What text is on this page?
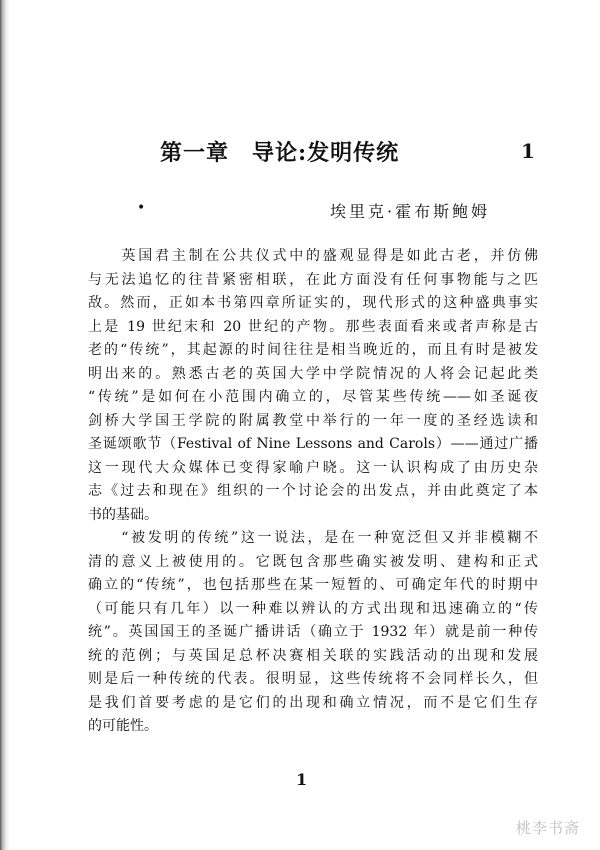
第一章　导论:发明传统	1
•	埃里克·霍布斯鲍姆
　　英国君主制在公共仪式中的盛观显得是如此古老，并仿佛
与无法追忆的往昔紧密相联，在此方面没有任何事物能与之匹
敌。然而，正如本书第四章所证实的，现代形式的这种盛典事实
上是 19 世纪末和 20 世纪的产物。那些表面看来或者声称是古
老的“传统”，其起源的时间往往是相当晚近的，而且有时是被发
明出来的。熟悉古老的英国大学中学院情况的人将会记起此类
“传统”是如何在小范围内确立的，尽管某些传统——如圣诞夜
剑桥大学国王学院的附属教堂中举行的一年一度的圣经选读和
圣诞颂歌节（Festival of Nine Lessons and Carols）——通过广播
这一现代大众媒体已变得家喻户晓。这一认识构成了由历史杂
志《过去和现在》组织的一个讨论会的出发点，并由此奠定了本
书的基础。
　　“被发明的传统”这一说法，是在一种宽泛但又并非模糊不
清的意义上被使用的。它既包含那些确实被发明、建构和正式
确立的“传统”，也包括那些在某一短暂的、可确定年代的时期中
（可能只有几年）以一种难以辨认的方式出现和迅速确立的“传
统”。英国国王的圣诞广播讲话（确立于 1932 年）就是前一种传
统的范例；与英国足总杯决赛相关联的实践活动的出现和发展
则是后一种传统的代表。很明显，这些传统将不会同样长久，但
是我们首要考虑的是它们的出现和确立情况，而不是它们生存
的可能性。
1
桃李书斋
